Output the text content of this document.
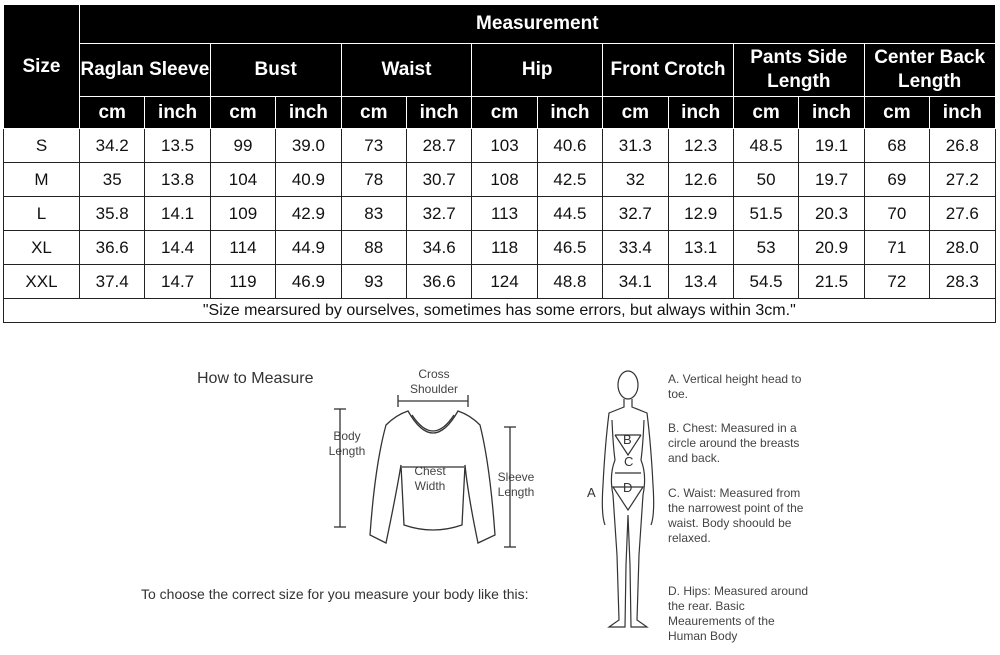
Size	Measurement													
	Raglan Sleeve		Bust		Waist		Hip		Front Crotch		Pants Side Length		Center Back Length	
	cm	inch	cm	inch	cm	inch	cm	inch	cm	inch	cm	inch	cm	inch
S	34.2	13.5	99	39.0	73	28.7	103	40.6	31.3	12.3	48.5	19.1	68	26.8
M	35	13.8	104	40.9	78	30.7	108	42.5	32	12.6	50	19.7	69	27.2
L	35.8	14.1	109	42.9	83	32.7	113	44.5	32.7	12.9	51.5	20.3	70	27.6
XL	36.6	14.4	114	44.9	88	34.6	118	46.5	33.4	13.1	53	20.9	71	28.0
XXL	37.4	14.7	119	46.9	93	36.6	124	48.8	34.1	13.4	54.5	21.5	72	28.3
"Size mearsured by ourselves, sometimes has some errors, but always within 3cm."														
How to Measure	Cross Shoulder
Body Length
Chest Width
Sleeve Length
To choose the correct size for you measure your body like this:
B
C
D
A
A. Vertical height head to toe.
B. Chest: Measured in a circle around the breasts and back.
C. Waist: Measured from the narrowest point of the waist. Body shoould be relaxed.
D. Hips: Measured around the rear. Basic Meaurements of the Human Body
